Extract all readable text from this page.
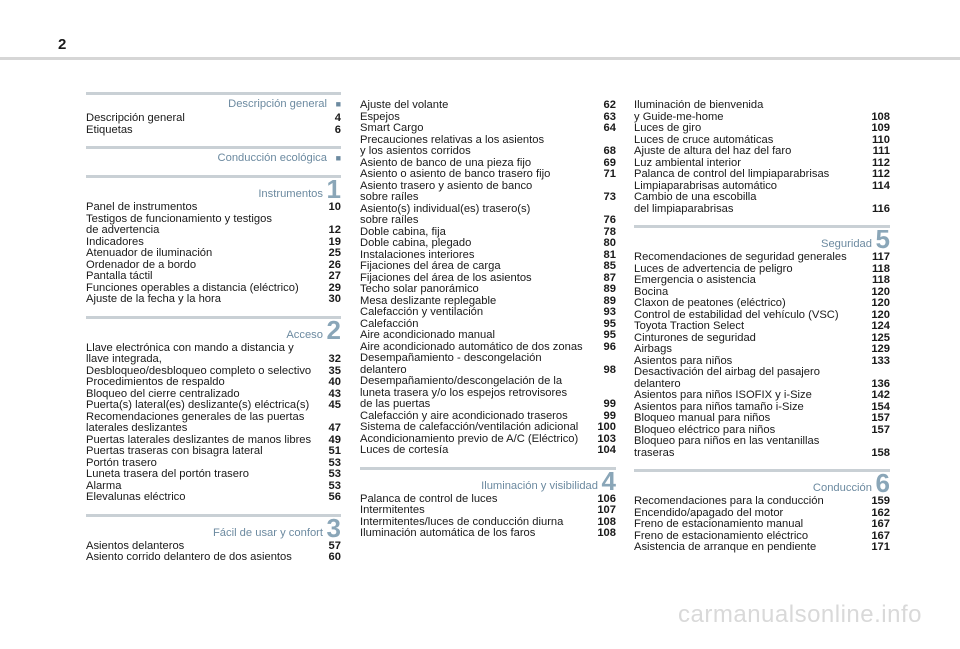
2
Descripción general ■
Descripción general	4
Etiquetas	6
Conducción ecológica ■
Instrumentos 1
Panel de instrumentos	10
Testigos de funcionamiento y testigos
de advertencia	12
Indicadores	19
Atenuador de iluminación	25
Ordenador de a bordo	26
Pantalla táctil	27
Funciones operables a distancia (eléctrico)	29
Ajuste de la fecha y la hora	30
Acceso 2
Llave electrónica con mando a distancia y
llave integrada,	32
Desbloqueo/desbloqueo completo o selectivo	35
Procedimientos de respaldo	40
Bloqueo del cierre centralizado	43
Puerta(s) lateral(es) deslizante(s) eléctrica(s)	45
Recomendaciones generales de las puertas
laterales deslizantes	47
Puertas laterales deslizantes de manos libres	49
Puertas traseras con bisagra lateral	51
Portón trasero	53
Luneta trasera del portón trasero	53
Alarma	53
Elevalunas eléctrico	56
Fácil de usar y confort 3
Asientos delanteros	57
Asiento corrido delantero de dos asientos	60
Ajuste del volante	62
Espejos	63
Smart Cargo	64
Precauciones relativas a los asientos
y los asientos corridos	68
Asiento de banco de una pieza fijo	69
Asiento o asiento de banco trasero fijo	71
Asiento trasero y asiento de banco
sobre raíles	73
Asiento(s) individual(es) trasero(s)
sobre raíles	76
Doble cabina, fija	78
Doble cabina, plegado	80
Instalaciones interiores	81
Fijaciones del área de carga	85
Fijaciones del área de los asientos	87
Techo solar panorámico	89
Mesa deslizante replegable	89
Calefacción y ventilación	93
Calefacción	95
Aire acondicionado manual	95
Aire acondicionado automático de dos zonas	96
Desempañamiento - descongelación
delantero	98
Desempañamiento/descongelación de la
luneta trasera y/o los espejos retrovisores
de las puertas	99
Calefacción y aire acondicionado traseros	99
Sistema de calefacción/ventilación adicional	100
Acondicionamiento previo de A/C (Eléctrico)	103
Luces de cortesía	104
Iluminación y visibilidad 4
Palanca de control de luces	106
Intermitentes	107
Intermitentes/luces de conducción diurna	108
Iluminación automática de los faros	108
Iluminación de bienvenida
y Guide-me-home	108
Luces de giro	109
Luces de cruce automáticas	110
Ajuste de altura del haz del faro	111
Luz ambiental interior	112
Palanca de control del limpiaparabrisas	112
Limpiaparabrisas automático	114
Cambio de una escobilla
del limpiaparabrisas	116
Seguridad 5
Recomendaciones de seguridad generales	117
Luces de advertencia de peligro	118
Emergencia o asistencia	118
Bocina	120
Claxon de peatones (eléctrico)	120
Control de estabilidad del vehículo (VSC)	120
Toyota Traction Select	124
Cinturones de seguridad	125
Airbags	129
Asientos para niños	133
Desactivación del airbag del pasajero
delantero	136
Asientos para niños ISOFIX y i-Size	142
Asientos para niños tamaño i-Size	154
Bloqueo manual para niños	157
Bloqueo eléctrico para niños	157
Bloqueo para niños en las ventanillas
traseras	158
Conducción 6
Recomendaciones para la conducción	159
Encendido/apagado del motor	162
Freno de estacionamiento manual	167
Freno de estacionamiento eléctrico	167
Asistencia de arranque en pendiente	171
carmanualsonline.info
